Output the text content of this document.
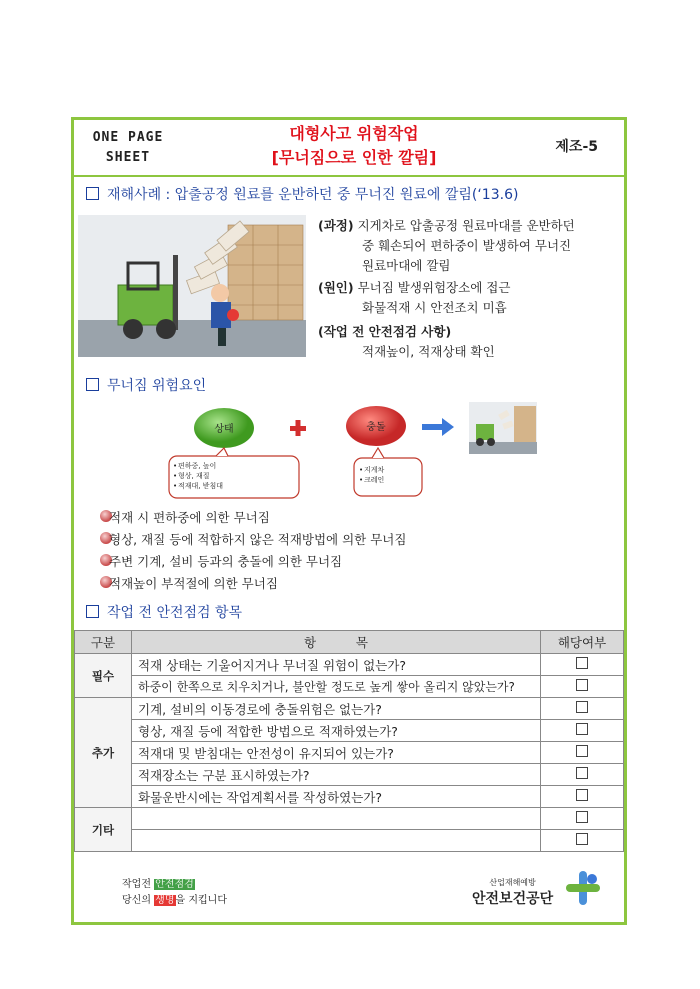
ONE PAGE
SHEET
대형사고 위험작업
[무너짐으로 인한 깔림]
제조-5
재해사례 : 압출공정 원료를 운반하던 중 무너진 원료에 깔림(‘13.6)
(과정) 지게차로 압출공정 원료마대를 운반하던
중 훼손되어 편하중이 발생하여 무너진
원료마대에 깔림
(원인) 무너짐 발생위험장소에 접근
화물적재 시 안전조치 미흡
(작업 전 안전점검 사항)
적재높이, 적재상태 확인
무너짐 위험요인
상태	충돌
편하중, 높이
형상, 재질
적재대, 받침대
•
•
•
지게차
크레인
•
•
적재 시 편하중에 의한 무너짐
형상, 재질 등에 적합하지 않은 적재방법에 의한 무너짐
주변 기계, 설비 등과의 충돌에 의한 무너짐
적재높이 부적절에 의한 무너짐
작업 전 안전점검 항목
구분	항          목	해당여부
필수	적재 상태는 기울어지거나 무너질 위험이 없는가?	
	하중이 한쪽으로 치우치거나, 불안할 정도로 높게 쌓아 올리지 않았는가?	
추가	기계, 설비의 이동경로에 충돌위험은 없는가?	
	형상, 재질 등에 적합한 방법으로 적재하였는가?	
	적재대 및 받침대는 안전성이 유지되어 있는가?	
	적재장소는 구분 표시하였는가?	
	화물운반시에는 작업계획서를 작성하였는가?	
기타		

작업전 안전점검
당신의 생명을 지킵니다
산업재해예방
안전보건공단
